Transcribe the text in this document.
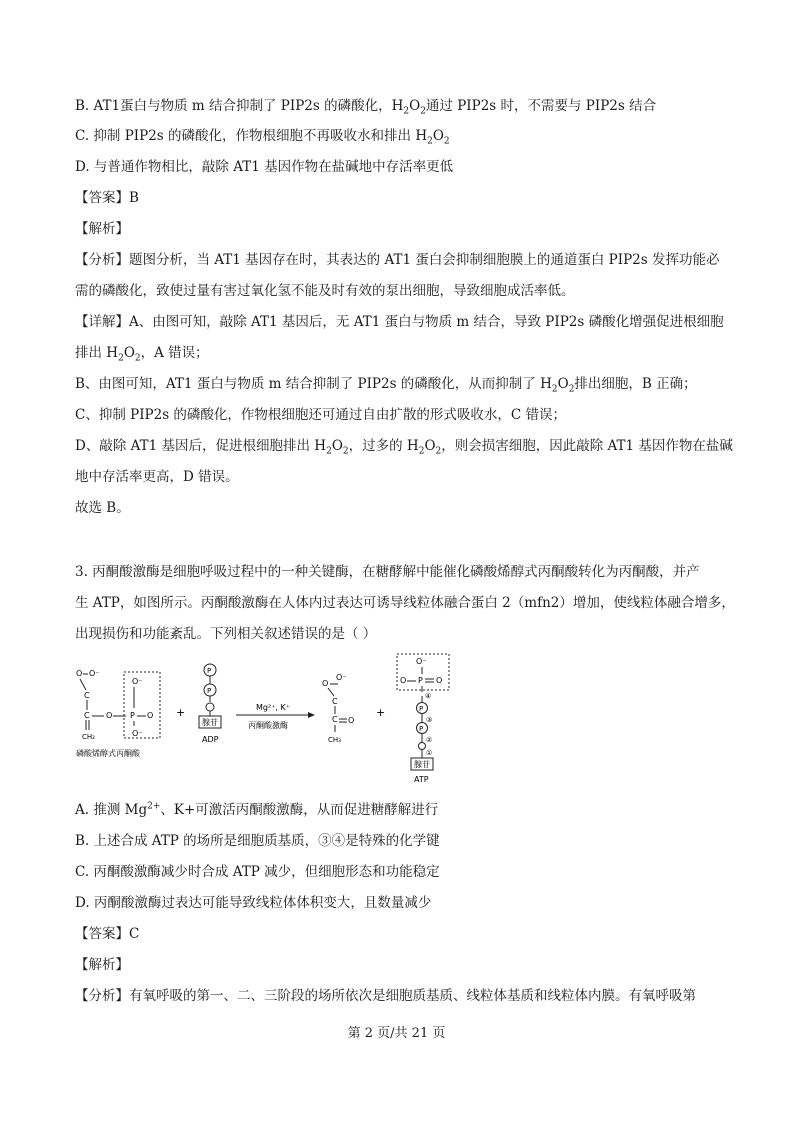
B. AT1蛋白与物质 m 结合抑制了 PIP2s 的磷酸化，$H_2O_2$通过 PIP2s 时，不需要与 PIP2s 结合
C. 抑制 PIP2s 的磷酸化，作物根细胞不再吸收水和排出 $H_2O_2$
D. 与普通作物相比，敲除 AT1 基因作物在盐碱地中存活率更低
【答案】B
【解析】
【分析】题图分析，当 AT1 基因存在时，其表达的 AT1 蛋白会抑制细胞膜上的通道蛋白 PIP2s 发挥功能必
需的磷酸化，致使过量有害过氧化氢不能及时有效的泵出细胞，导致细胞成活率低。
【详解】A、由图可知，敲除 AT1 基因后，无 AT1 蛋白与物质 m 结合，导致 PIP2s 磷酸化增强促进根细胞
排出 $H_2O_2$，A 错误；
B、由图可知，AT1 蛋白与物质 m 结合抑制了 PIP2s 的磷酸化，从而抑制了 $H_2O_2$排出细胞，B 正确；
C、抑制 PIP2s 的磷酸化，作物根细胞还可通过自由扩散的形式吸收水，C 错误；
D、敲除 AT1 基因后，促进根细胞排出 $H_2O_2$，过多的 $H_2O_2$，则会损害细胞，因此敲除 AT1 基因作物在盐碱
地中存活率更高，D 错误。
故选 B。
3. 丙酮酸激酶是细胞呼吸过程中的一种关键酶，在糖酵解中能催化磷酸烯醇式丙酮酸转化为丙酮酸，并产
生 ATP，如图所示。丙酮酸激酶在人体内过表达可诱导线粒体融合蛋白 2（mfn2）增加，使线粒体融合增多，
出现损伤和功能紊乱。下列相关叙述错误的是（ ）
O O⁻
C
C
CH₂
O
O⁻
P O
O⁻
磷酸烯醇式丙酮酸
+
P
P
腺苷
ADP
Mg²⁺, K⁺
丙酮酸激酶
O
O⁻
C
C O
CH₃
+
O⁻
O P O
④
P
③
P
②
①
腺苷
ATP
A. 推测 $Mg^{2+}$、K+可激活丙酮酸激酶，从而促进糖酵解进行
B. 上述合成 ATP 的场所是细胞质基质，③④是特殊的化学键
C. 丙酮酸激酶减少时合成 ATP 减少，但细胞形态和功能稳定
D. 丙酮酸激酶过表达可能导致线粒体体积变大，且数量减少
【答案】C
【解析】
【分析】有氧呼吸的第一、二、三阶段的场所依次是细胞质基质、线粒体基质和线粒体内膜。有氧呼吸第
第 2 页/共 21 页
